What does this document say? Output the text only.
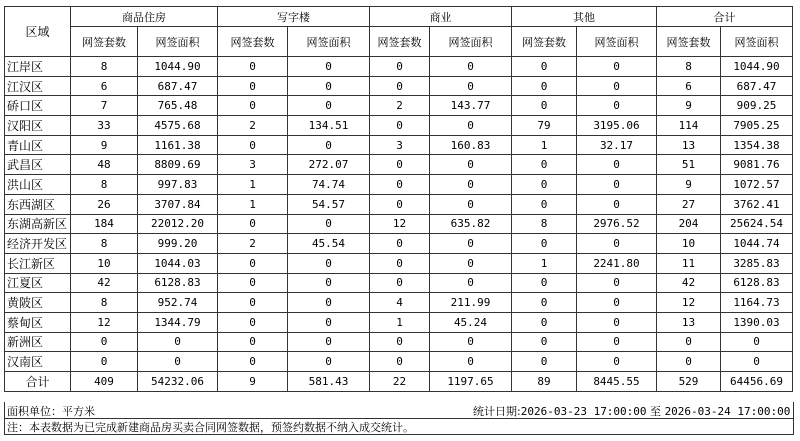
区域	商品住房		写字楼		商业		其他		合计	
	网签套数	网签面积	网签套数	网签面积	网签套数	网签面积	网签套数	网签面积	网签套数	网签面积
江岸区	8	1044.90	0	0	0	0	0	0	8	1044.90
江汉区	6	687.47	0	0	0	0	0	0	6	687.47
硚口区	7	765.48	0	0	2	143.77	0	0	9	909.25
汉阳区	33	4575.68	2	134.51	0	0	79	3195.06	114	7905.25
青山区	9	1161.38	0	0	3	160.83	1	32.17	13	1354.38
武昌区	48	8809.69	3	272.07	0	0	0	0	51	9081.76
洪山区	8	997.83	1	74.74	0	0	0	0	9	1072.57
东西湖区	26	3707.84	1	54.57	0	0	0	0	27	3762.41
东湖高新区	184	22012.20	0	0	12	635.82	8	2976.52	204	25624.54
经济开发区	8	999.20	2	45.54	0	0	0	0	10	1044.74
长江新区	10	1044.03	0	0	0	0	1	2241.80	11	3285.83
江夏区	42	6128.83	0	0	0	0	0	0	42	6128.83
黄陂区	8	952.74	0	0	4	211.99	0	0	12	1164.73
蔡甸区	12	1344.79	0	0	1	45.24	0	0	13	1390.03
新洲区	0	0	0	0	0	0	0	0	0	0
汉南区	0	0	0	0	0	0	0	0	0	0
合计	409	54232.06	9	581.43	22	1197.65	89	8445.55	529	64456.69
面积单位：平方米	统计日期:2026-03-23 17:00:00 至 2026-03-24 17:00:00
注：本表数据为已完成新建商品房买卖合同网签数据，预签约数据不纳入成交统计。
